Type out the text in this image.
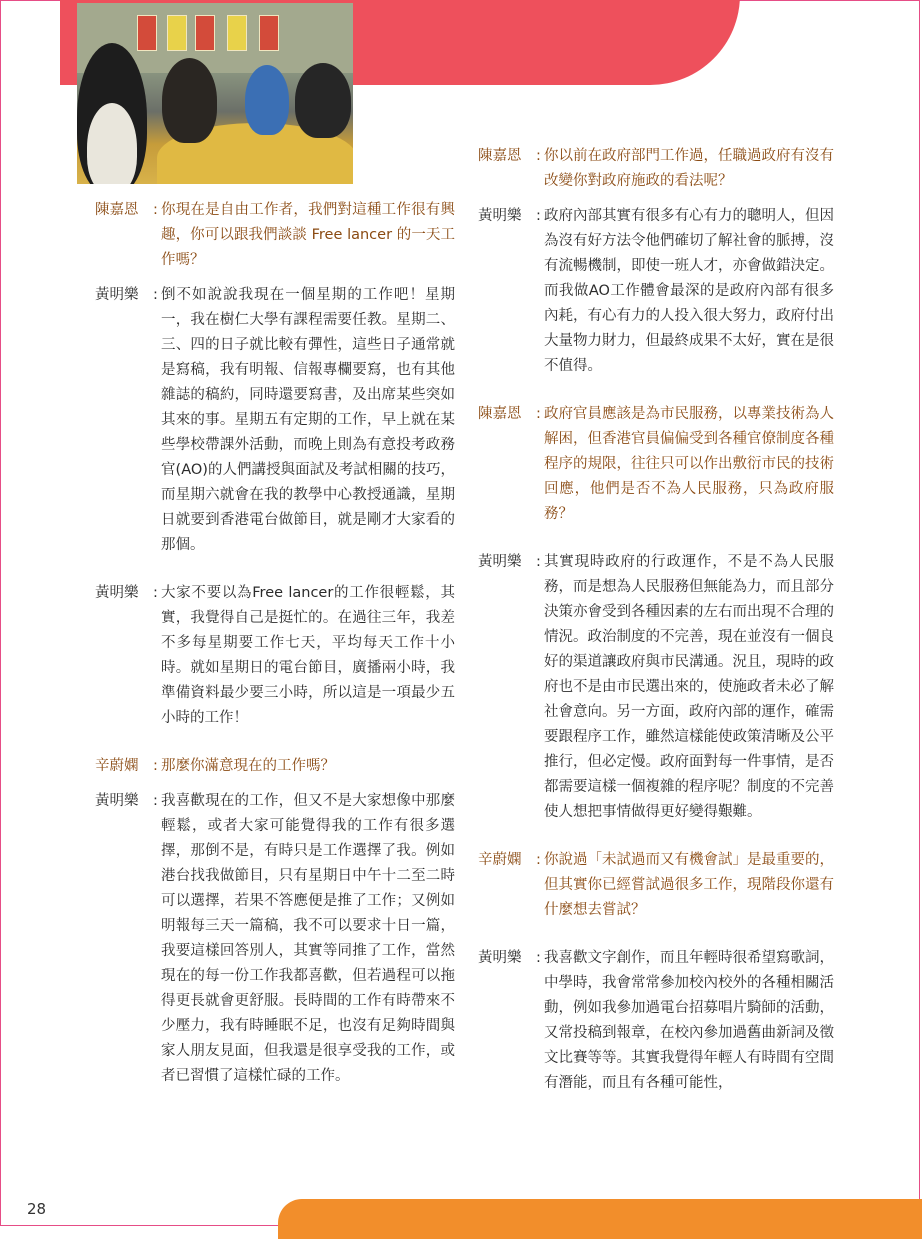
陳嘉恩	: 你現在是自由工作者，我們對這種工作很有興趣，你可以跟我們談談 Free lancer 的一天工作嗎？
黃明樂	: 倒不如說說我現在一個星期的工作吧！星期一，我在樹仁大學有課程需要任教。星期二、三、四的日子就比較有彈性，這些日子通常就是寫稿，我有明報、信報專欄要寫，也有其他雜誌的稿約，同時還要寫書，及出席某些突如其來的事。星期五有定期的工作，早上就在某些學校帶課外活動，而晚上則為有意投考政務官(AO)的人們講授與面試及考試相關的技巧，而星期六就會在我的教學中心教授通識，星期日就要到香港電台做節目，就是剛才大家看的那個。
黃明樂	: 大家不要以為Free lancer的工作很輕鬆，其實，我覺得自己是挺忙的。在過往三年，我差不多每星期要工作七天，平均每天工作十小時。就如星期日的電台節目，廣播兩小時，我準備資料最少要三小時，所以這是一項最少五小時的工作！
辛蔚嫻	: 那麼你滿意現在的工作嗎？
黃明樂	: 我喜歡現在的工作，但又不是大家想像中那麼輕鬆，或者大家可能覺得我的工作有很多選擇，那倒不是，有時只是工作選擇了我。例如港台找我做節目，只有星期日中午十二至二時可以選擇，若果不答應便是推了工作；又例如明報每三天一篇稿，我不可以要求十日一篇，我要這樣回答別人，其實等同推了工作，當然現在的每一份工作我都喜歡，但若過程可以拖得更長就會更舒服。長時間的工作有時帶來不少壓力，我有時睡眠不足，也沒有足夠時間與家人朋友見面，但我還是很享受我的工作，或者已習慣了這樣忙碌的工作。
陳嘉恩	: 你以前在政府部門工作過，任職過政府有沒有改變你對政府施政的看法呢？
黃明樂	: 政府內部其實有很多有心有力的聰明人，但因為沒有好方法令他們確切了解社會的脈搏，沒有流暢機制，即使一班人才，亦會做錯決定。而我做AO工作體會最深的是政府內部有很多內耗，有心有力的人投入很大努力，政府付出大量物力財力，但最終成果不太好，實在是很不值得。
陳嘉恩	: 政府官員應該是為市民服務，以專業技術為人解困，但香港官員偏偏受到各種官僚制度各種程序的規限，往往只可以作出敷衍市民的技術回應，他們是否不為人民服務，只為政府服務？
黃明樂	: 其實現時政府的行政運作，不是不為人民服務，而是想為人民服務但無能為力，而且部分決策亦會受到各種因素的左右而出現不合理的情況。政治制度的不完善，現在並沒有一個良好的渠道讓政府與市民溝通。況且，現時的政府也不是由市民選出來的，使施政者未必了解社會意向。另一方面，政府內部的運作，確需要跟程序工作，雖然這樣能使政策清晰及公平推行，但必定慢。政府面對每一件事情，是否都需要這樣一個複雜的程序呢？制度的不完善使人想把事情做得更好變得艱難。
辛蔚嫻	: 你說過「未試過而又有機會試」是最重要的，但其實你已經嘗試過很多工作，現階段你還有什麼想去嘗試？
黃明樂	: 我喜歡文字創作，而且年輕時很希望寫歌詞，中學時，我會常常參加校內校外的各種相關活動，例如我參加過電台招募唱片騎師的活動，又常投稿到報章，在校內參加過舊曲新詞及徵文比賽等等。其實我覺得年輕人有時間有空間有潛能，而且有各種可能性，
28
